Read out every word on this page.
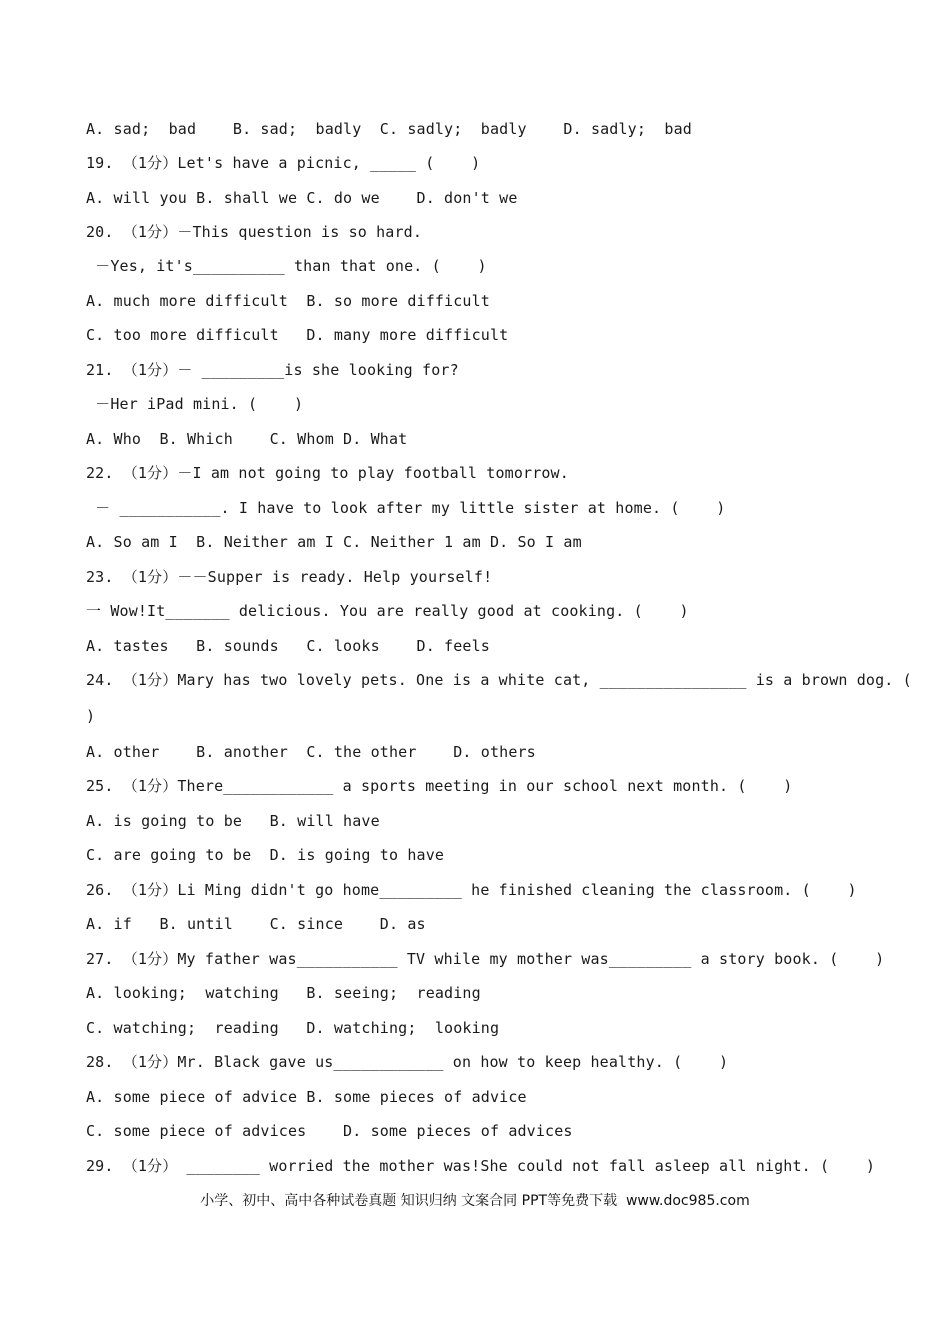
A. sad;  bad    B. sad;  badly  C. sadly;  badly    D. sadly;  bad
19. （1分）Let's have a picnic, _____ (    )
A. will you B. shall we C. do we    D. don't we
20. （1分）－This question is so hard.
－Yes, it's__________ than that one. (    )
A. much more difficult  B. so more difficult
C. too more difficult   D. many more difficult
21. （1分）－ _________is she looking for?
－Her iPad mini. (    )
A. Who  B. Which    C. Whom D. What
22. （1分）－I am not going to play football tomorrow.
－ ___________. I have to look after my little sister at home. (    )
A. So am I  B. Neither am I C. Neither 1 am D. So I am
23. （1分）－－Supper is ready. Help yourself!
一 Wow!It_______ delicious. You are really good at cooking. (    )
A. tastes   B. sounds   C. looks    D. feels
24. （1分）Mary has two lovely pets. One is a white cat, ________________ is a brown dog. (
)
A. other    B. another  C. the other    D. others
25. （1分）There____________ a sports meeting in our school next month. (    )
A. is going to be   B. will have
C. are going to be  D. is going to have
26. （1分）Li Ming didn't go home_________ he finished cleaning the classroom. (    )
A. if   B. until    C. since    D. as
27. （1分）My father was___________ TV while my mother was_________ a story book. (    )
A. looking;  watching   B. seeing;  reading
C. watching;  reading   D. watching;  looking
28. （1分）Mr. Black gave us____________ on how to keep healthy. (    )
A. some piece of advice B. some pieces of advice
C. some piece of advices    D. some pieces of advices
29. （1分） ________ worried the mother was!She could not fall asleep all night. (    )
小学、初中、高中各种试卷真题 知识归纳 文案合同 PPT等免费下载  www.doc985.com
